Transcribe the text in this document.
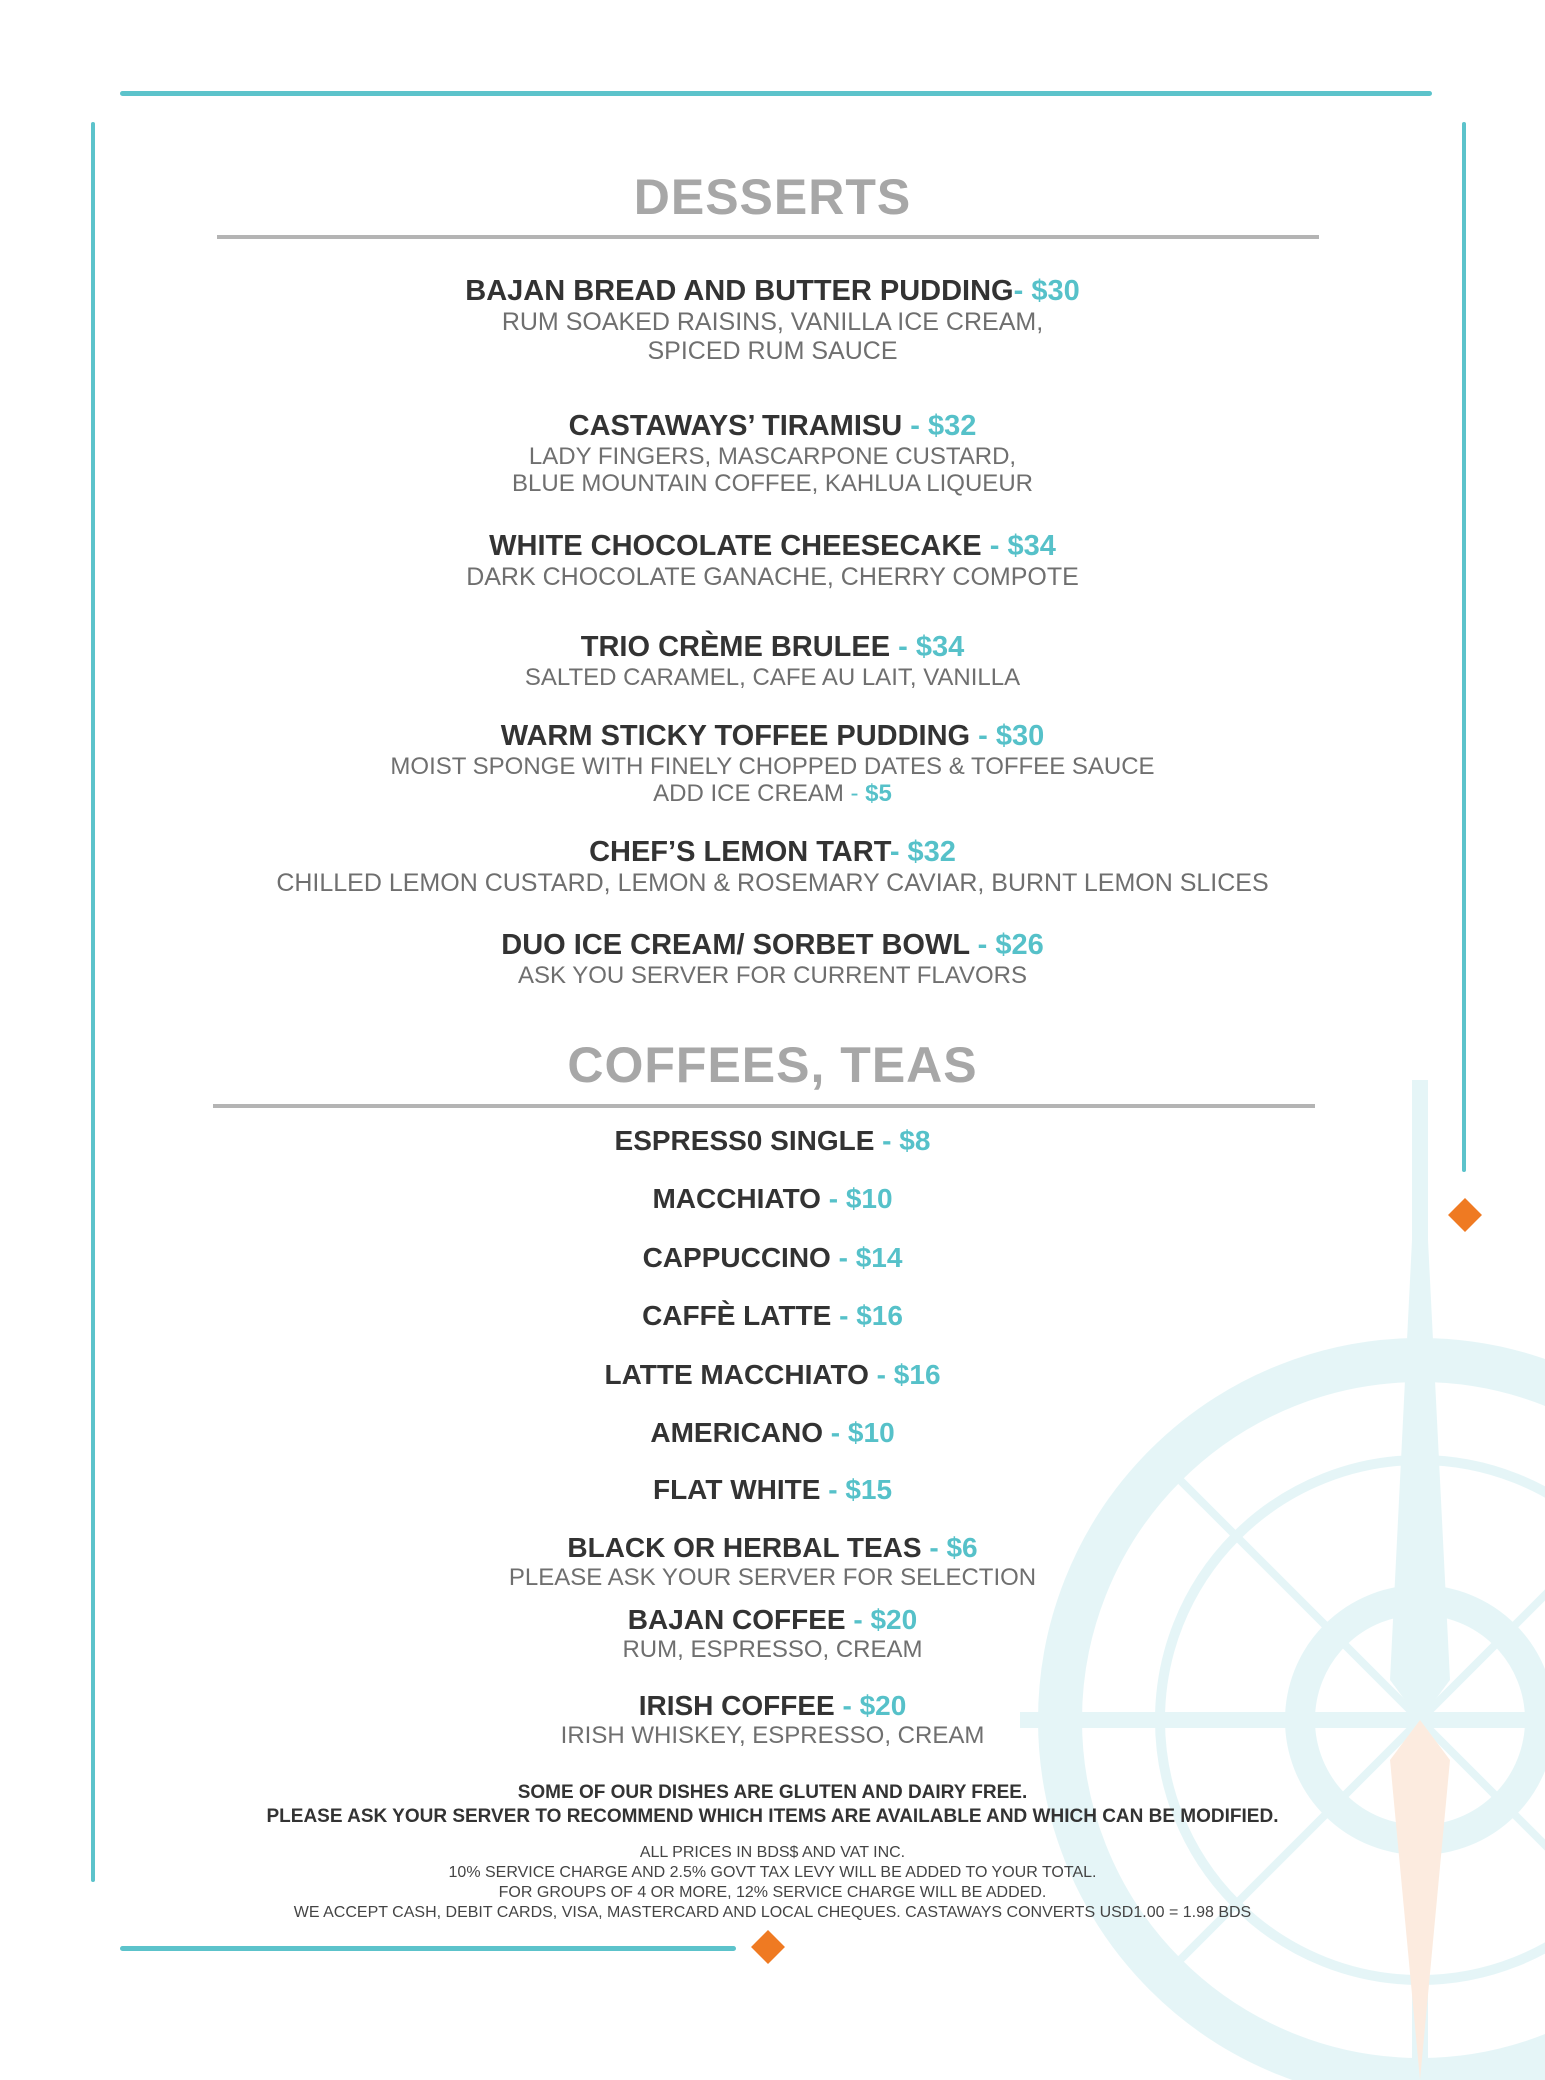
DESSERTS
BAJAN BREAD AND BUTTER PUDDING- $30
RUM SOAKED RAISINS, VANILLA ICE CREAM,
SPICED RUM SAUCE
CASTAWAYS’ TIRAMISU - $32
LADY FINGERS, MASCARPONE CUSTARD,
BLUE MOUNTAIN COFFEE, KAHLUA LIQUEUR
WHITE CHOCOLATE CHEESECAKE - $34
DARK CHOCOLATE GANACHE, CHERRY COMPOTE
TRIO CRÈME BRULEE - $34
SALTED CARAMEL, CAFE AU LAIT, VANILLA
WARM STICKY TOFFEE PUDDING - $30
MOIST SPONGE WITH FINELY CHOPPED DATES & TOFFEE SAUCE
ADD ICE CREAM - $5
CHEF’S LEMON TART- $32
CHILLED LEMON CUSTARD, LEMON & ROSEMARY CAVIAR, BURNT LEMON SLICES
DUO ICE CREAM/ SORBET BOWL - $26
ASK YOU SERVER FOR CURRENT FLAVORS
COFFEES, TEAS
ESPRESS0 SINGLE - $8
MACCHIATO - $10
CAPPUCCINO - $14
CAFFÈ LATTE - $16
LATTE MACCHIATO - $16
AMERICANO - $10
FLAT WHITE - $15
BLACK OR HERBAL TEAS - $6
PLEASE ASK YOUR SERVER FOR SELECTION
BAJAN COFFEE - $20
RUM, ESPRESSO, CREAM
IRISH COFFEE - $20
IRISH WHISKEY, ESPRESSO, CREAM
SOME OF OUR DISHES ARE GLUTEN AND DAIRY FREE.
PLEASE ASK YOUR SERVER TO RECOMMEND WHICH ITEMS ARE AVAILABLE AND WHICH CAN BE MODIFIED.
ALL PRICES IN BDS$ AND VAT INC.
10% SERVICE CHARGE AND 2.5% GOVT TAX LEVY WILL BE ADDED TO YOUR TOTAL.
FOR GROUPS OF 4 OR MORE, 12% SERVICE CHARGE WILL BE ADDED.
WE ACCEPT CASH, DEBIT CARDS, VISA, MASTERCARD AND LOCAL CHEQUES. CASTAWAYS CONVERTS USD1.00 = 1.98 BDS
